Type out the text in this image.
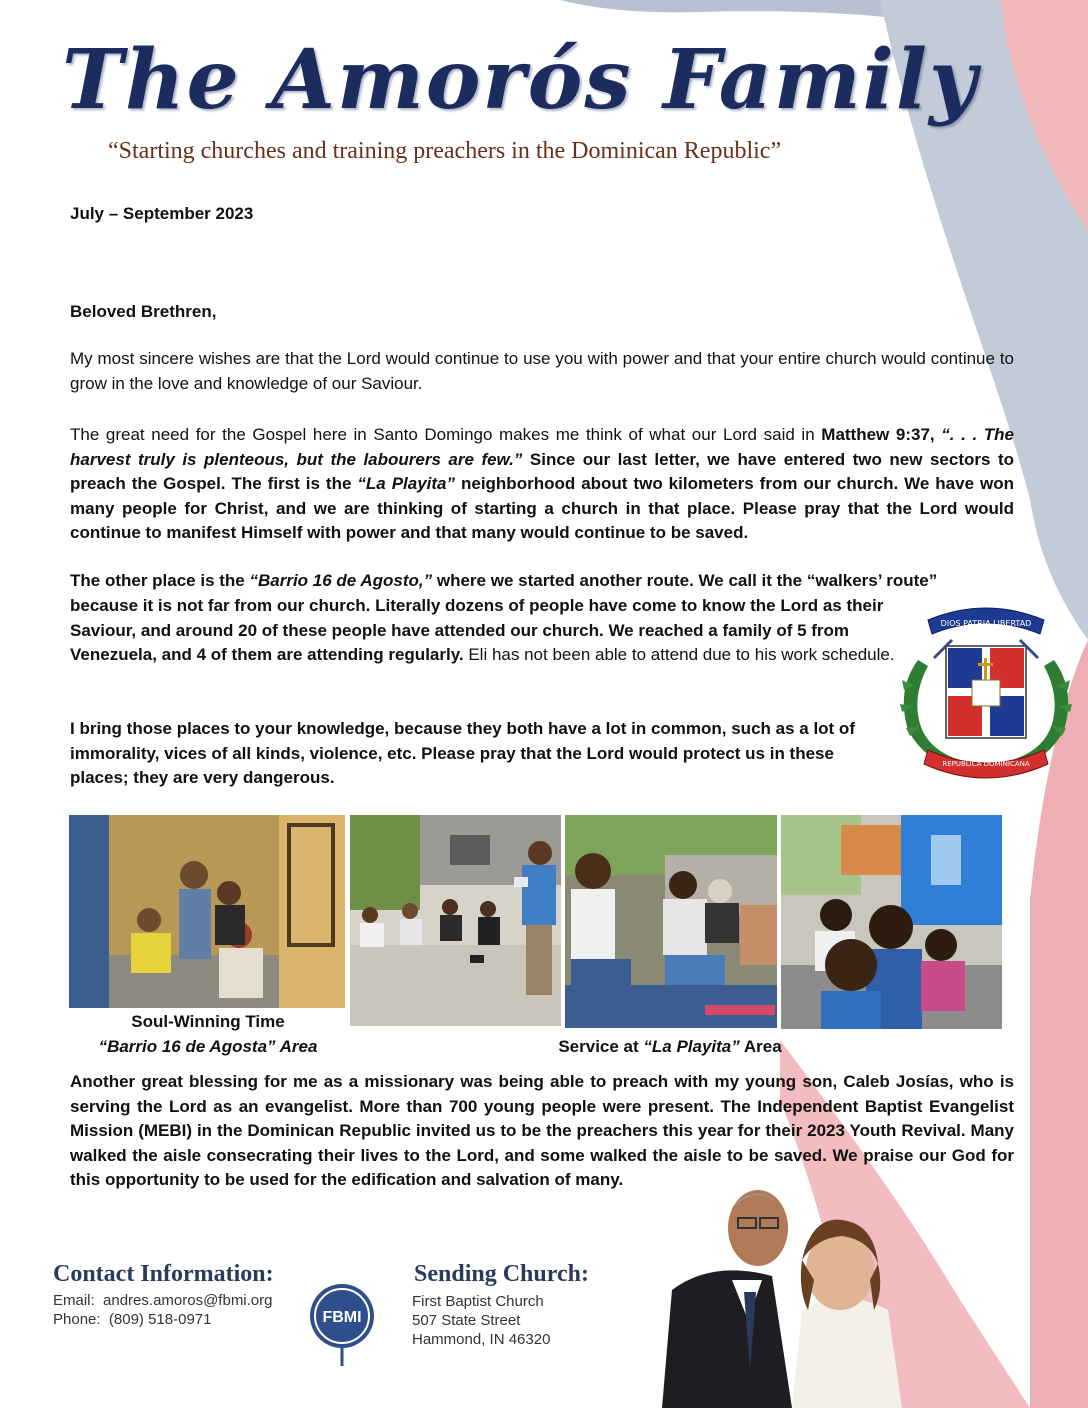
The Amorós Family
“Starting churches and training preachers in the Dominican Republic”
July – September 2023
Beloved Brethren,
My most sincere wishes are that the Lord would continue to use you with power and that your entire church would continue to grow in the love and knowledge of our Saviour.
The great need for the Gospel here in Santo Domingo makes me think of what our Lord said in Matthew 9:37, “. . . The harvest truly is plenteous, but the labourers are few.” Since our last letter, we have entered two new sectors to preach the Gospel. The first is the “La Playita” neighborhood about two kilometers from our church. We have won many people for Christ, and we are thinking of starting a church in that place. Please pray that the Lord would continue to manifest Himself with power and that many would continue to be saved.
The other place is the “Barrio 16 de Agosto,” where we started another route. We call it the “walkers’ route”
because it is not far from our church. Literally dozens of people have come to know the Lord as their Saviour, and around 20 of these people have attended our church. We reached a family of 5 from Venezuela, and 4 of them are attending regularly. Eli has not been able to attend due to his work schedule.
I bring those places to your knowledge, because they both have a lot in common, such as a lot of immorality, vices of all kinds, violence, etc. Please pray that the Lord would protect us in these places; they are very dangerous.
DIOS PATRIA LIBERTAD
REPUBLICA DOMINICANA
Soul-Winning Time
“Barrio 16 de Agosta” Area	Service at “La Playita” Area
Another great blessing for me as a missionary was being able to preach with my young son, Caleb Josías, who is serving the Lord as an evangelist. More than 700 young people were present. The Independent Baptist Evangelist Mission (MEBI) in the Dominican Republic invited us to be the preachers this year for their 2023 Youth Revival. Many walked the aisle consecrating their lives to the Lord, and some walked the aisle to be saved. We praise our God for this opportunity to be used for the edification and salvation of many.
Contact Information:
Email: andres.amoros@fbmi.org
Phone: (809) 518-0971	FBMI
Sending Church:
First Baptist Church
507 State Street
Hammond, IN 46320
